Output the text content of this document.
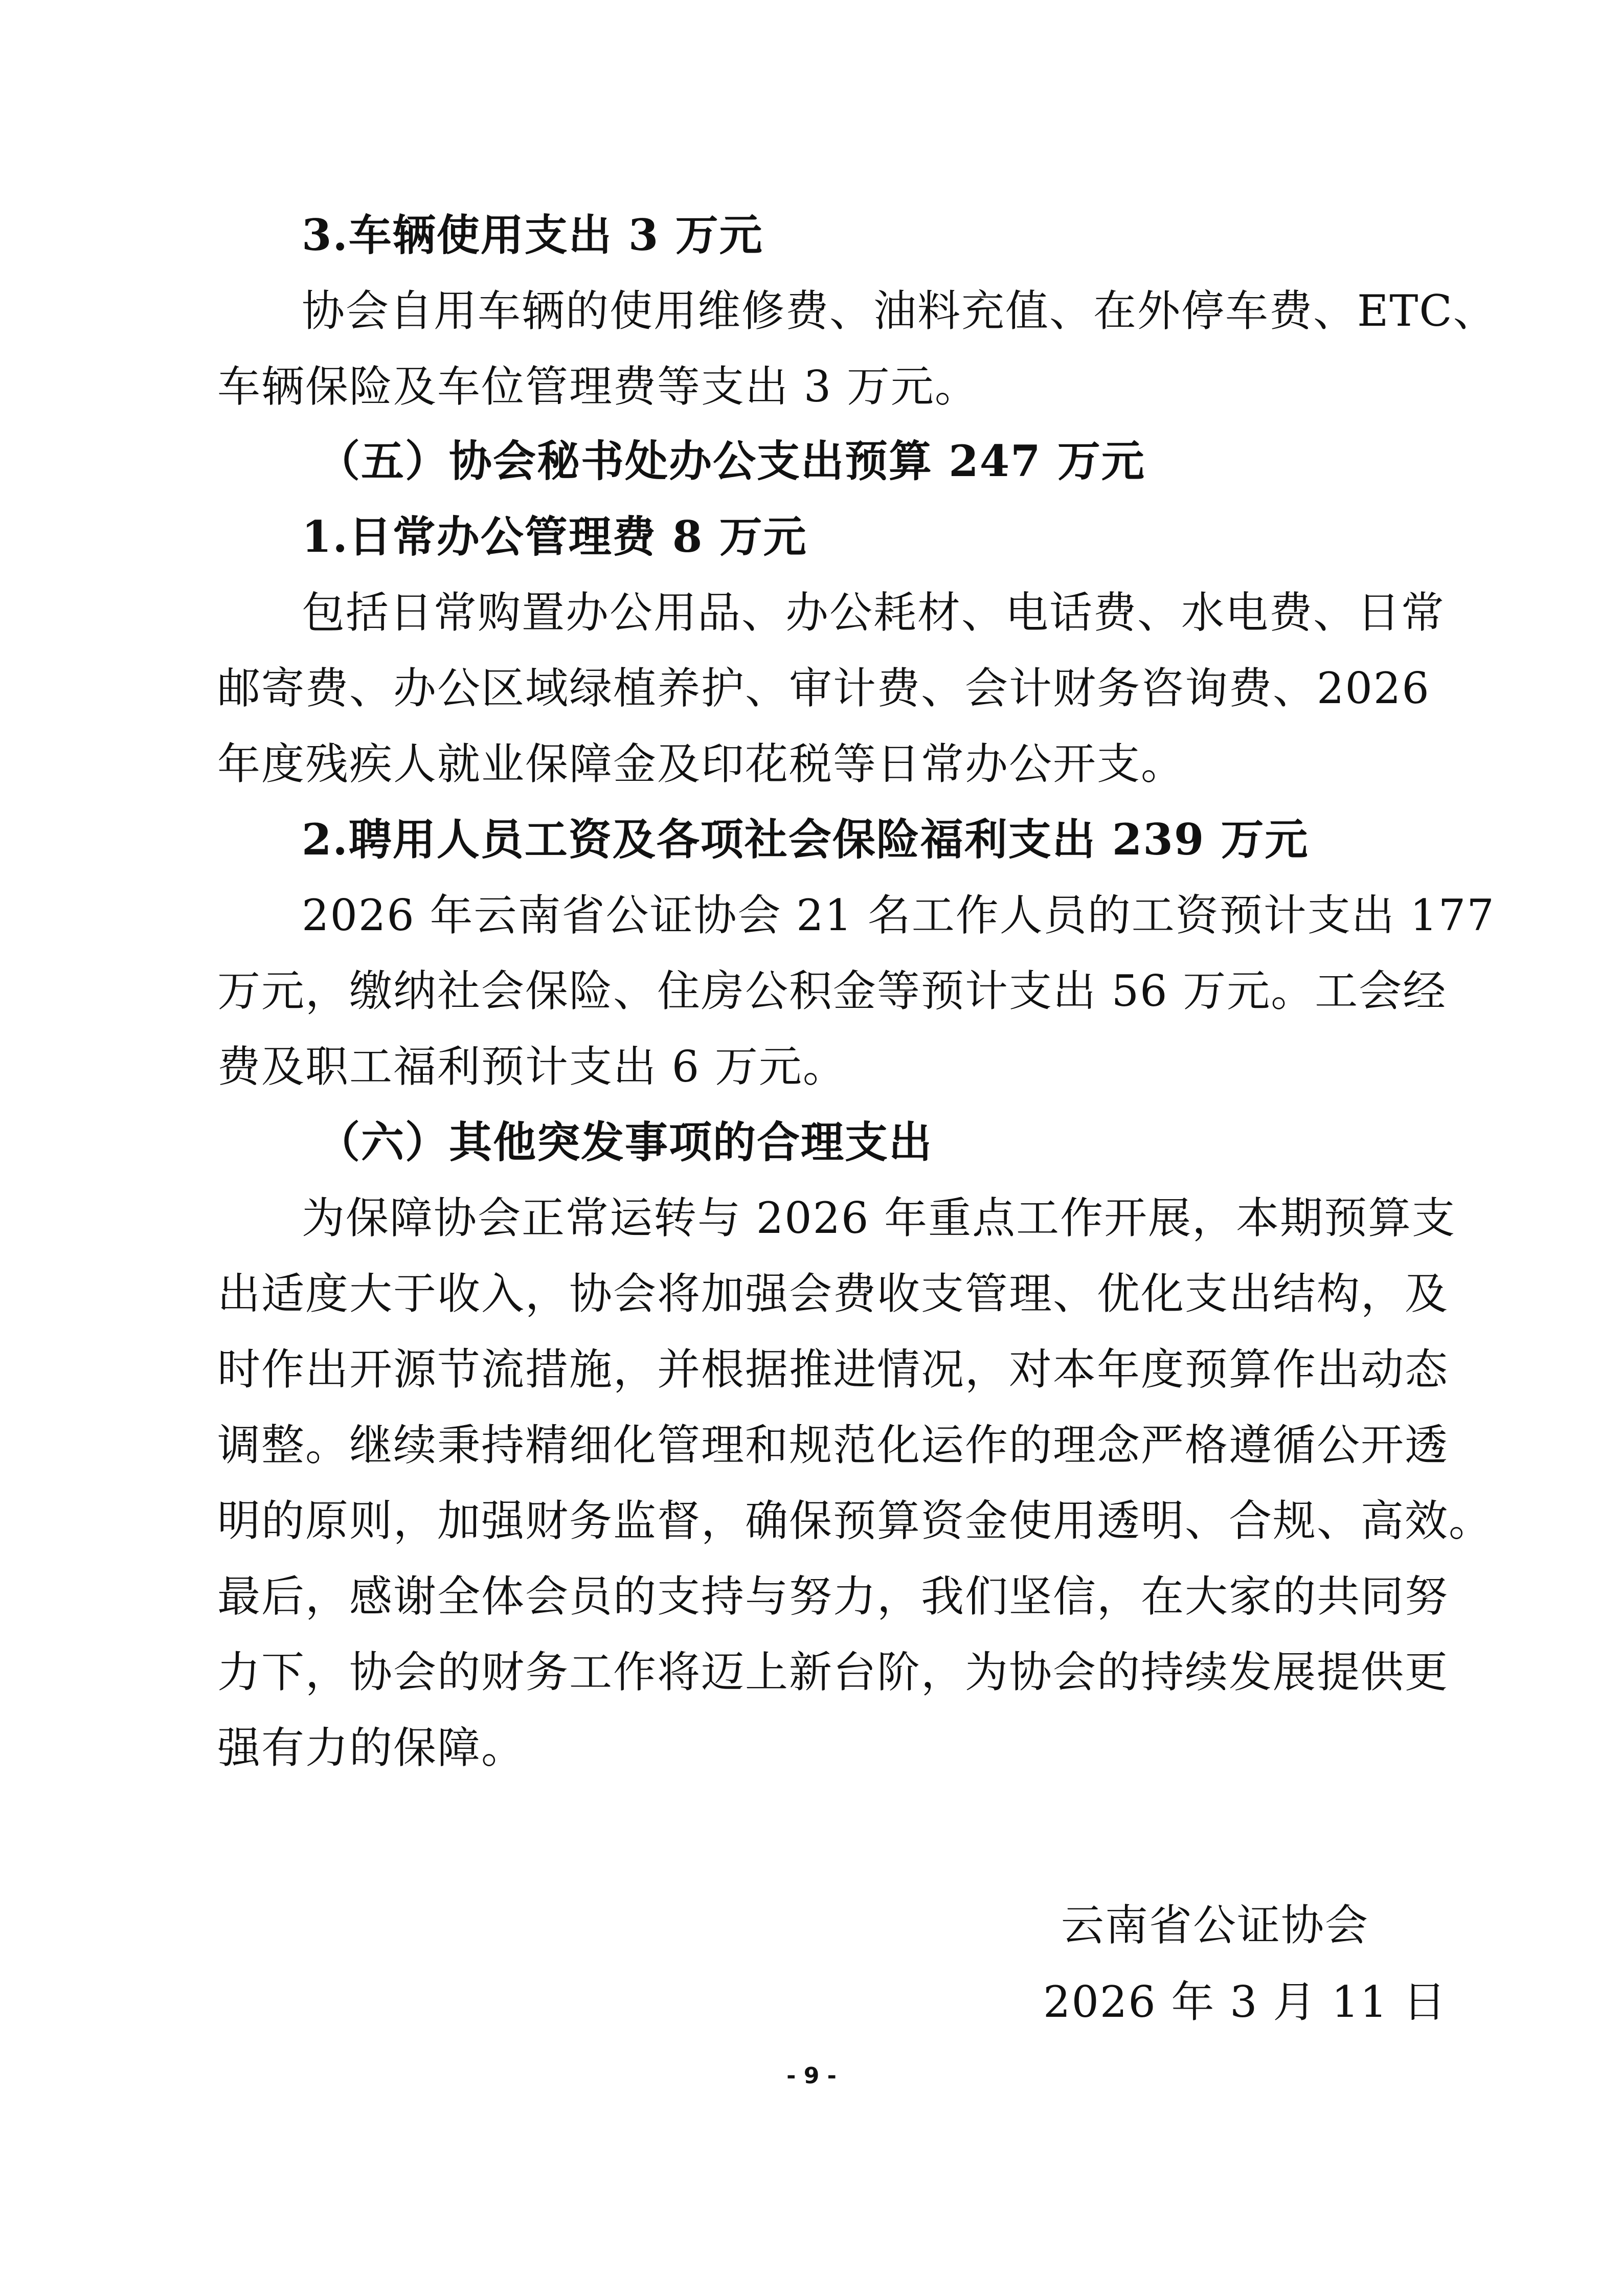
3.车辆使用支出 3 万元
协会自用车辆的使用维修费、油料充值、在外停车费、ETC、
车辆保险及车位管理费等支出 3 万元。
（五）协会秘书处办公支出预算 247 万元
1.日常办公管理费 8 万元
包括日常购置办公用品、办公耗材、电话费、水电费、日常
邮寄费、办公区域绿植养护、审计费、会计财务咨询费、2026
年度残疾人就业保障金及印花税等日常办公开支。
2.聘用人员工资及各项社会保险福利支出 239 万元
2026 年云南省公证协会 21 名工作人员的工资预计支出 177
万元，缴纳社会保险、住房公积金等预计支出 56 万元。工会经
费及职工福利预计支出 6 万元。
（六）其他突发事项的合理支出
为保障协会正常运转与 2026 年重点工作开展，本期预算支
出适度大于收入，协会将加强会费收支管理、优化支出结构，及
时作出开源节流措施，并根据推进情况，对本年度预算作出动态
调整。继续秉持精细化管理和规范化运作的理念严格遵循公开透
明的原则，加强财务监督，确保预算资金使用透明、合规、高效。
最后，感谢全体会员的支持与努力，我们坚信，在大家的共同努
力下，协会的财务工作将迈上新台阶，为协会的持续发展提供更
强有力的保障。
云南省公证协会
2026 年 3 月 11 日
- 9 -
